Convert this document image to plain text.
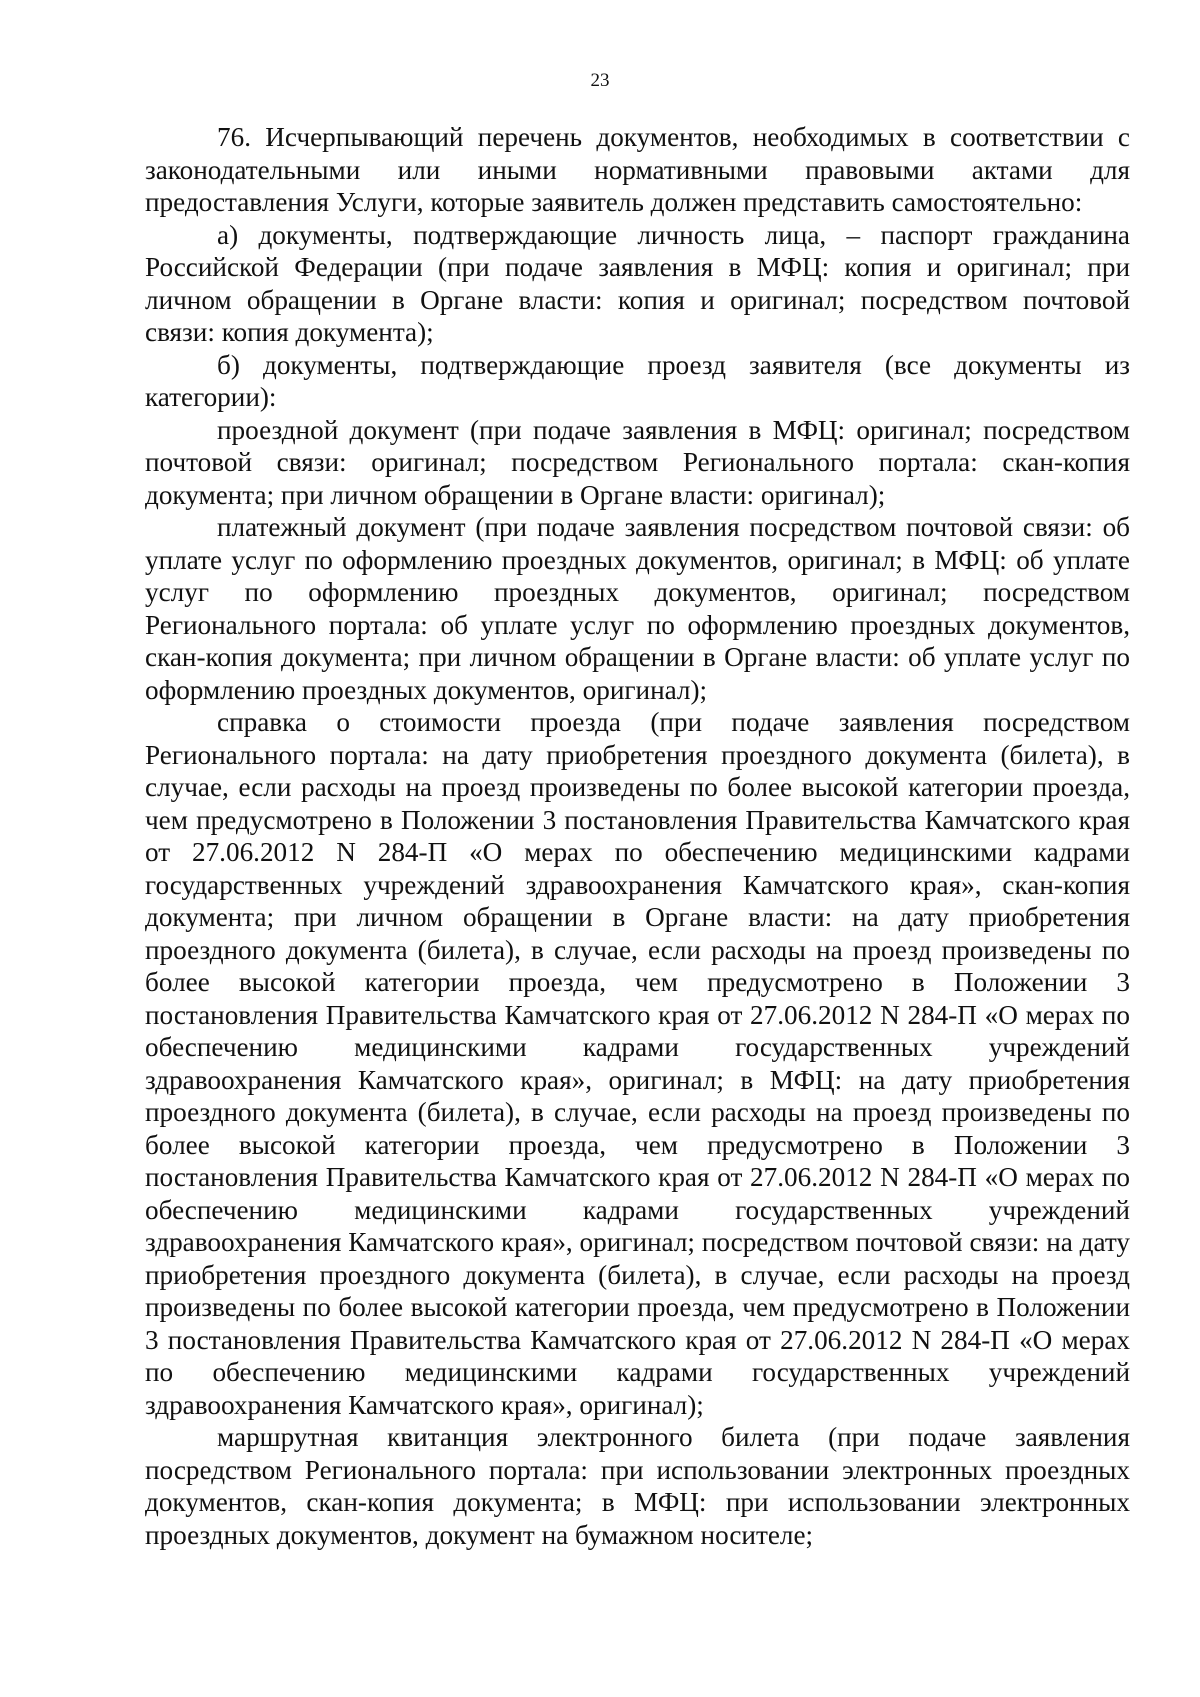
23

76. Исчерпывающий перечень документов, необходимых в соответствии с законодательными или иными нормативными правовыми актами для предоставления Услуги, которые заявитель должен представить самостоятельно:

а) документы, подтверждающие личность лица, – паспорт гражданина Российской Федерации (при подаче заявления в МФЦ: копия и оригинал; при личном обращении в Органе власти: копия и оригинал; посредством почтовой связи: копия документа);

б) документы, подтверждающие проезд заявителя (все документы из категории):

проездной документ (при подаче заявления в МФЦ: оригинал; посредством почтовой связи: оригинал; посредством Регионального портала: скан-копия документа; при личном обращении в Органе власти: оригинал);

платежный документ (при подаче заявления посредством почтовой связи: об уплате услуг по оформлению проездных документов, оригинал; в МФЦ: об уплате услуг по оформлению проездных документов, оригинал; посредством Регионального портала: об уплате услуг по оформлению проездных документов, скан-копия документа; при личном обращении в Органе власти: об уплате услуг по оформлению проездных документов, оригинал);

справка о стоимости проезда (при подаче заявления посредством Регионального портала: на дату приобретения проездного документа (билета), в случае, если расходы на проезд произведены по более высокой категории проезда, чем предусмотрено в Положении 3 постановления Правительства Камчатского края от 27.06.2012 N 284-П «О мерах по обеспечению медицинскими кадрами государственных учреждений здравоохранения Камчатского края», скан-копия документа; при личном обращении в Органе власти: на дату приобретения проездного документа (билета), в случае, если расходы на проезд произведены по более высокой категории проезда, чем предусмотрено в Положении 3 постановления Правительства Камчатского края от 27.06.2012 N 284-П «О мерах по обеспечению медицинскими кадрами государственных учреждений здравоохранения Камчатского края», оригинал; в МФЦ: на дату приобретения проездного документа (билета), в случае, если расходы на проезд произведены по более высокой категории проезда, чем предусмотрено в Положении 3 постановления Правительства Камчатского края от 27.06.2012 N 284-П «О мерах по обеспечению медицинскими кадрами государственных учреждений здравоохранения Камчатского края», оригинал; посредством почтовой связи: на дату приобретения проездного документа (билета), в случае, если расходы на проезд произведены по более высокой категории проезда, чем предусмотрено в Положении 3 постановления Правительства Камчатского края от 27.06.2012 N 284-П «О мерах по обеспечению медицинскими кадрами государственных учреждений здравоохранения Камчатского края», оригинал);

маршрутная квитанция электронного билета (при подаче заявления посредством Регионального портала: при использовании электронных проездных документов, скан-копия документа; в МФЦ: при использовании электронных проездных документов, документ на бумажном носителе;
